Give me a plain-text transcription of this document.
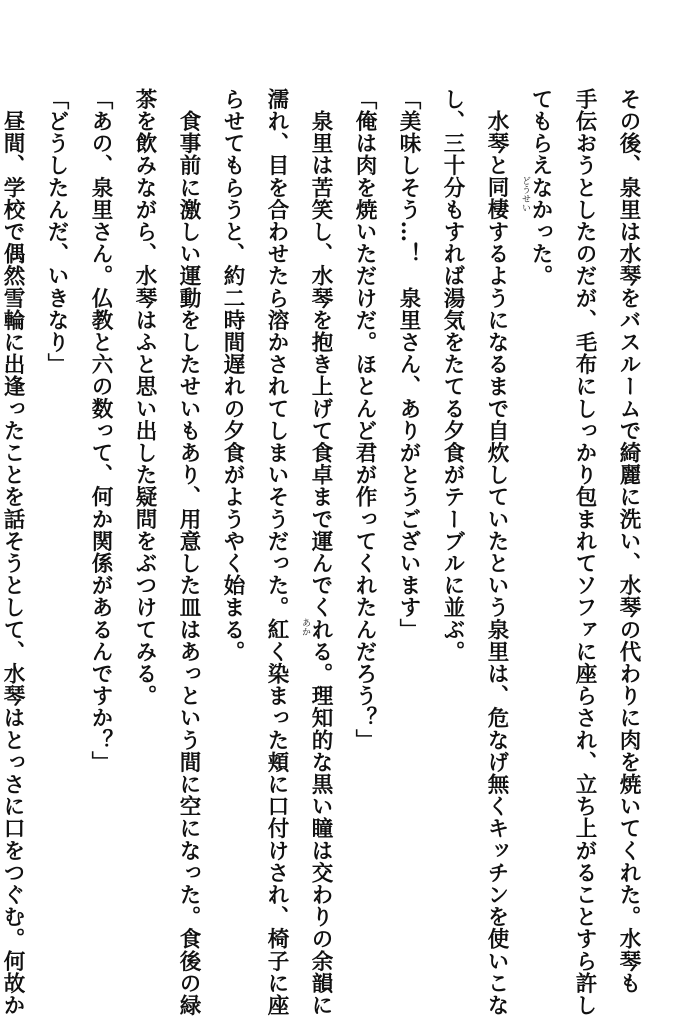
その後、泉里は水琴をバスルームで綺麗に洗い、水琴の代わりに肉を焼いてくれた。水琴も
手伝おうとしたのだが、毛布にしっかり包まれてソファに座らされ、立ち上がることすら許し
てもらえなかった。
　水琴と同棲 どうせい
するようになるまで自炊していたという泉里は、危なげ無くキッチンを使いこな
し、三十分もすれば湯気をたてる夕食がテーブルに並ぶ。
「美味しそう…！　泉里さん、ありがとうございます」
「俺は肉を焼いただけだ。ほとんど君が作ってくれたんだろう？」
　泉里は苦笑し、水琴を抱き上げて食卓まで運んでくれる。理知的な黒い瞳は交わりの余韻に
濡れ、目を合わせたら溶かされてしまいそうだった。紅 あか
く染まった頬に口付けされ、椅子に座
らせてもらうと、約二時間遅れの夕食がようやく始まる。
　食事前に激しい運動をしたせいもあり、用意した皿はあっという間に空になった。食後の緑
茶を飲みながら、水琴はふと思い出した疑問をぶつけてみる。
「あの、泉里さん。仏教と六の数って、何か関係があるんですか？」
「どうしたんだ、いきなり」
　昼間、学校で偶然雪輪に出逢ったことを話そうとして、水琴はとっさに口をつぐむ。何故か
